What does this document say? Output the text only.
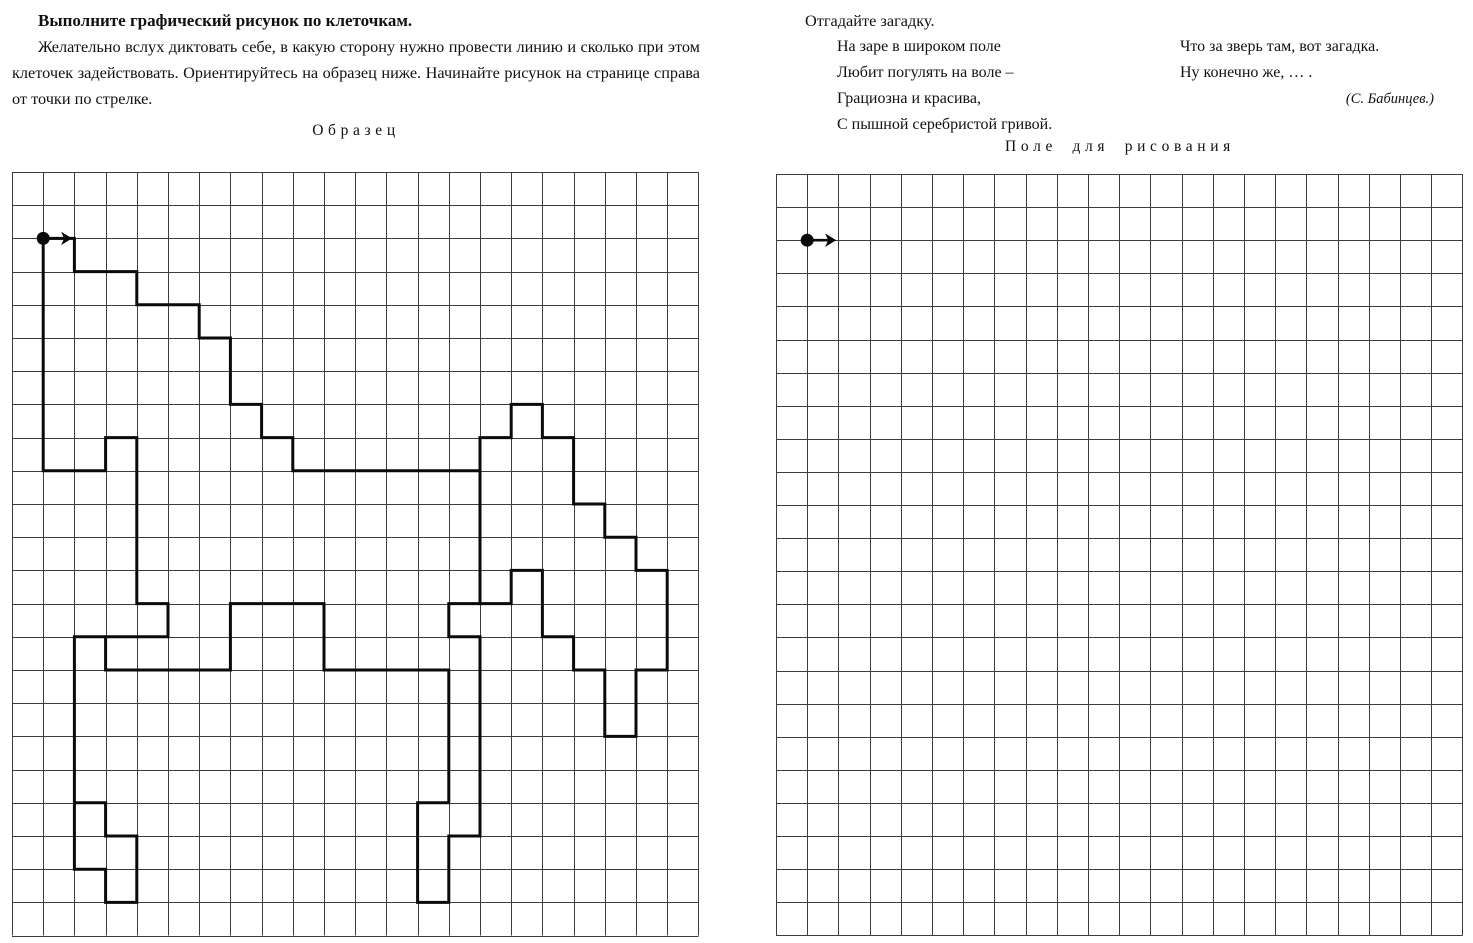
Выполните графический рисунок по клеточкам.
Желательно вслух диктовать себе, в какую сторону нужно провести линию и сколько при этом клеточек задействовать. Ориентируйтесь на образец ниже. Начинайте рисунок на странице справа от точки по стрелке.
Образец
Отгадайте загадку.
На заре в широком поле
Любит погулять на воле –
Грациозна и красива,
С пышной серебристой гривой.
Что за зверь там, вот загадка.
Ну конечно же, … .
(С. Бабинцев.)
Поле для рисования
